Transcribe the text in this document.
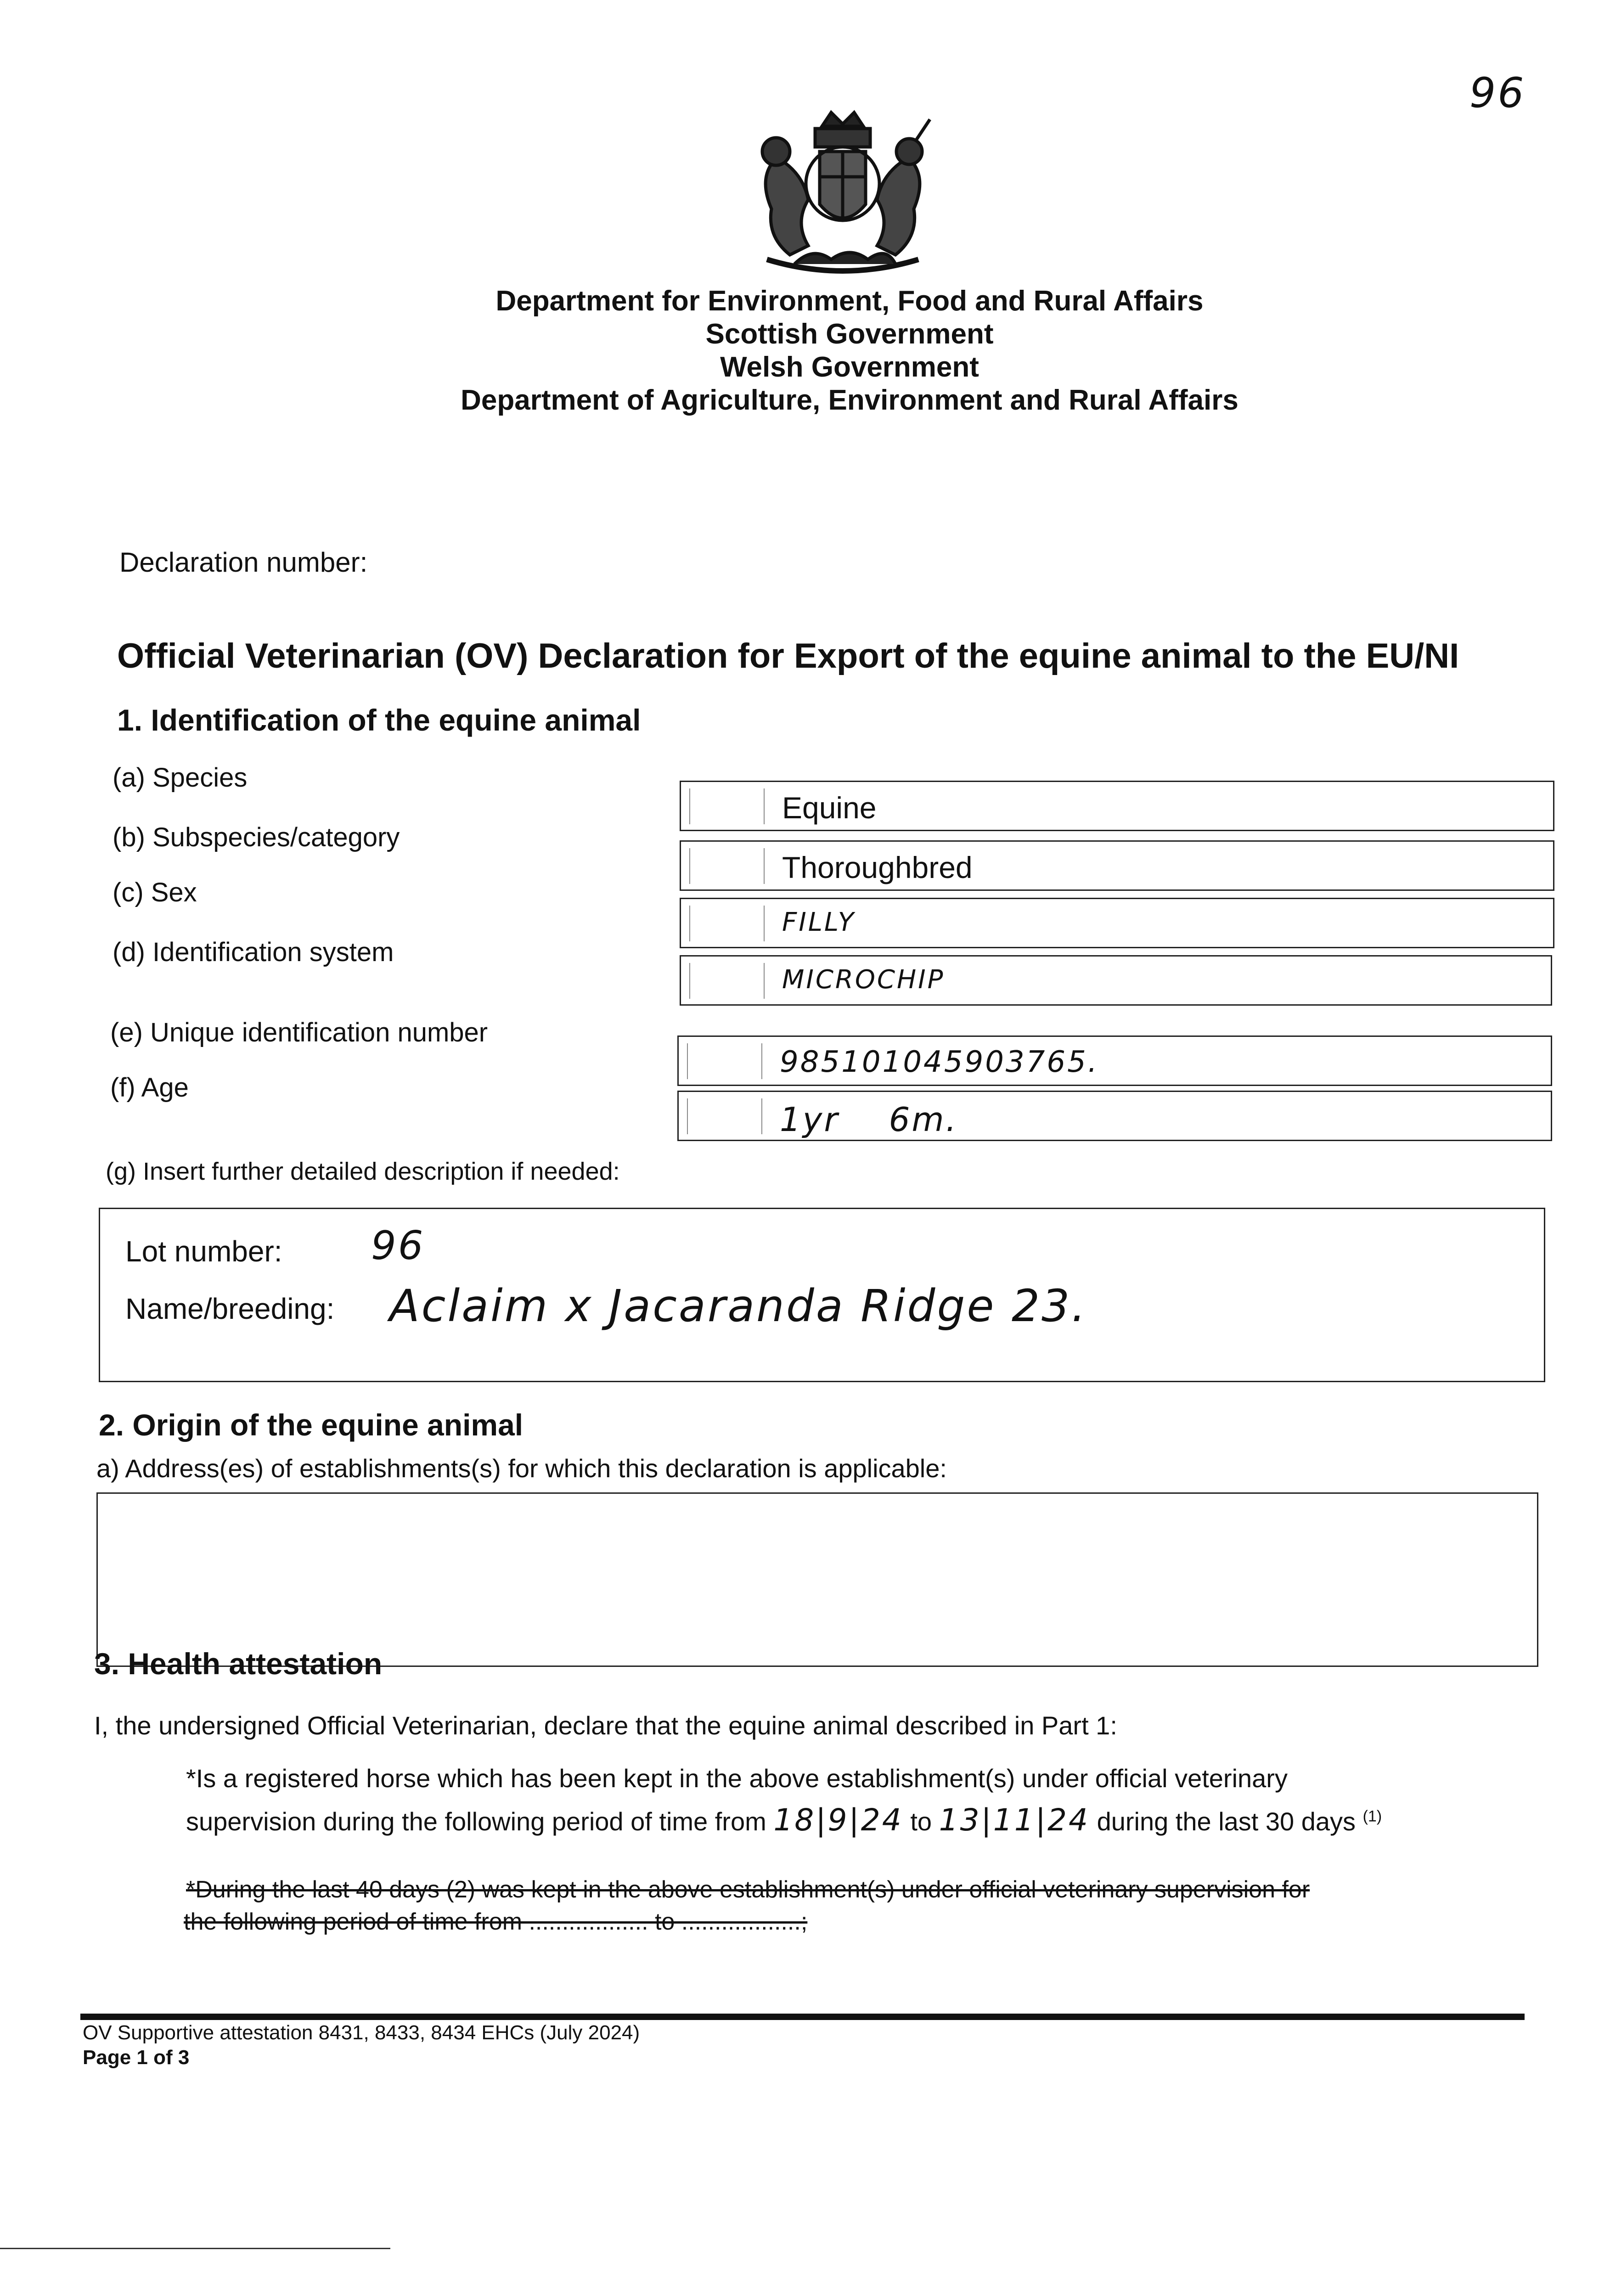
96
Department for Environment, Food and Rural Affairs
Scottish Government
Welsh Government
Department of Agriculture, Environment and Rural Affairs
Declaration number:
Official Veterinarian (OV) Declaration for Export of the equine animal to the EU/NI
1. Identification of the equine animal
(a) Species
Equine
(b) Subspecies/category
Thoroughbred
(c) Sex
FILLY
(d) Identification system
MICROCHIP
(e) Unique identification number
985101045903765.
(f) Age
1yr    6m.
(g) Insert further detailed description if needed:
Lot number: 96
Name/breeding: Aclaim x Jacaranda Ridge 23.
2. Origin of the equine animal
a) Address(es) of establishments(s) for which this declaration is applicable:
3. Health attestation
I, the undersigned Official Veterinarian, declare that the equine animal described in Part 1:
*Is a registered horse which has been kept in the above establishment(s) under official veterinary
supervision during the following period of time from 18|9|24 to 13|11|24 during the last 30 days $^{(1)}$
*During the last 40 days (2) was kept in the above establishment(s) under official veterinary supervision for
the following period of time from .................. to ..................;
OV Supportive attestation 8431, 8433, 8434 EHCs (July 2024)
Page 1 of 3
